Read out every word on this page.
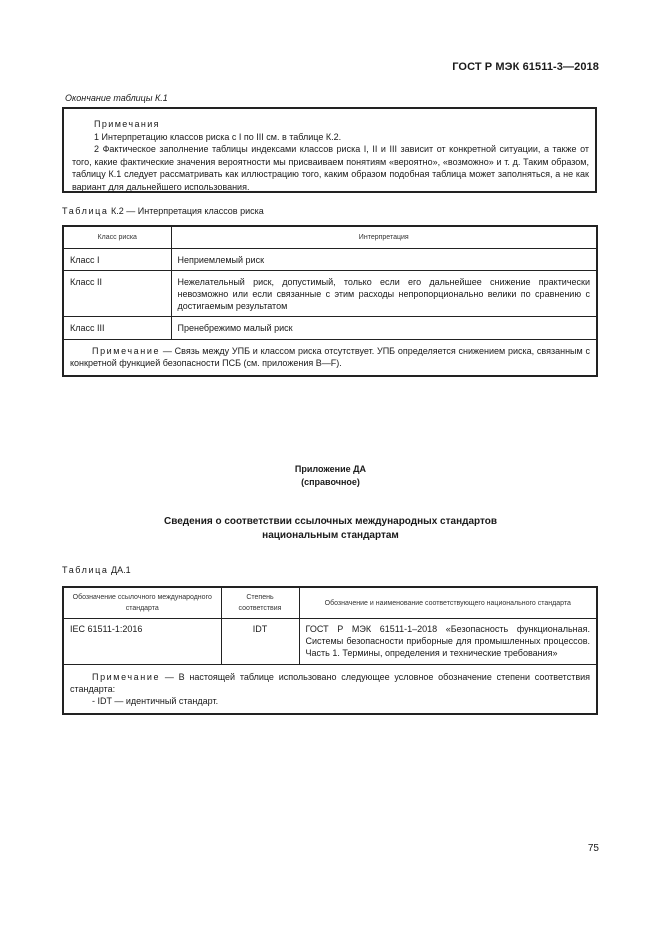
ГОСТ Р МЭК 61511-3—2018
Окончание таблицы К.1
Примечания
1 Интерпретацию классов риска с I по III см. в таблице К.2.
2 Фактическое заполнение таблицы индексами классов риска I, II и III зависит от конкретной ситуации, а также от того, какие фактические значения вероятности мы присваиваем понятиям «вероятно», «возможно» и т. д. Таким образом, таблицу К.1 следует рассматривать как иллюстрацию того, каким образом подобная таблица может заполняться, а не как вариант для дальнейшего использования.
Таблица К.2 — Интерпретация классов риска
Класс риска	Интерпретация
Класс I	Неприемлемый риск
Класс II	Нежелательный риск, допустимый, только если его дальнейшее снижение практически невозможно или если связанные с этим расходы непропорционально велики по сравнению с достигаемым результатом
Класс III	Пренебрежимо малый риск
Примечание — Связь между УПБ и классом риска отсутствует. УПБ определяется снижением риска, связанным с конкретной функцией безопасности ПСБ (см. приложения В—F).	
Приложение ДА
(справочное)
Сведения о соответствии ссылочных международных стандартов
национальным стандартам
Таблица ДА.1
Обозначение ссылочного международного стандарта	Степень соответствия	Обозначение и наименование соответствующего национального стандарта
IEC 61511-1:2016	IDT	ГОСТ Р МЭК 61511-1–2018 «Безопасность функциональная. Системы безопасности приборные для промышленных процессов. Часть 1. Термины, определения и технические требования»

Примечание — В настоящей таблице использовано следующее условное обозначение степени соответствия стандарта:
- IDT — идентичный стандарт.		
75
